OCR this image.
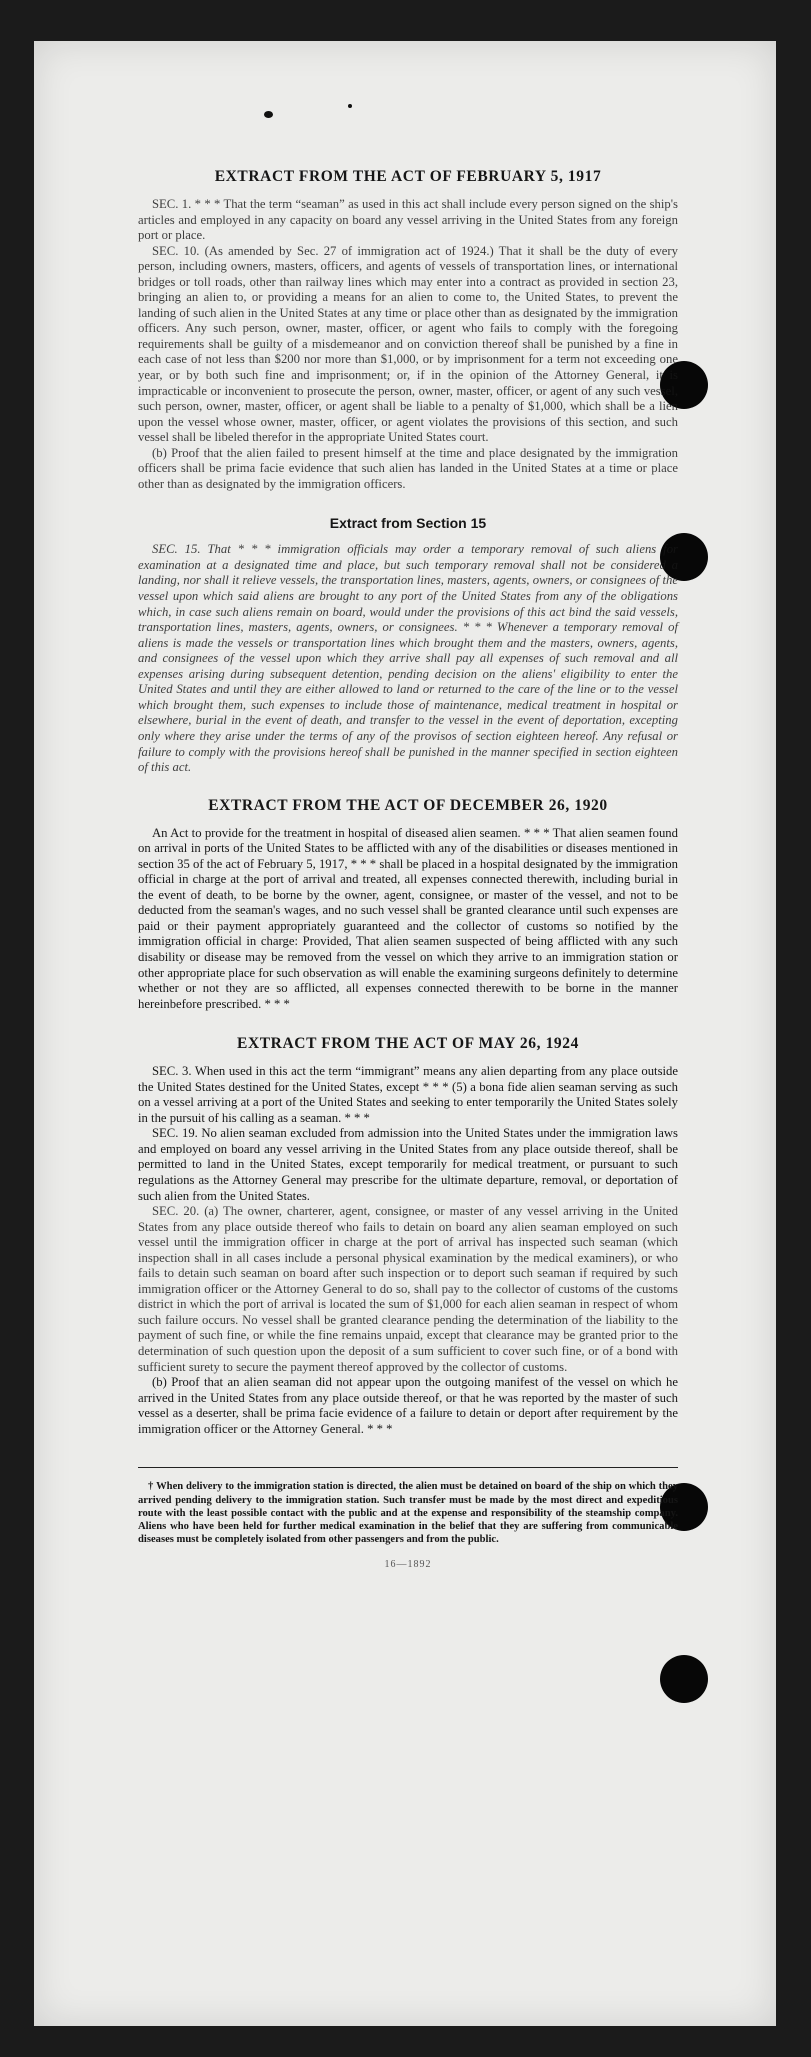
EXTRACT FROM THE ACT OF FEBRUARY 5, 1917

SEC. 1. * * * That the term “seaman” as used in this act shall include every person signed on the ship's articles and employed in any capacity on board any vessel arriving in the United States from any foreign port or place.

SEC. 10. (As amended by Sec. 27 of immigration act of 1924.) That it shall be the duty of every person, including owners, masters, officers, and agents of vessels of transportation lines, or international bridges or toll roads, other than railway lines which may enter into a contract as provided in section 23, bringing an alien to, or providing a means for an alien to come to, the United States, to prevent the landing of such alien in the United States at any time or place other than as designated by the immigration officers. Any such person, owner, master, officer, or agent who fails to comply with the foregoing requirements shall be guilty of a misdemeanor and on conviction thereof shall be punished by a fine in each case of not less than $200 nor more than $1,000, or by imprisonment for a term not exceeding one year, or by both such fine and imprisonment; or, if in the opinion of the Attorney General, it is impracticable or inconvenient to prosecute the person, owner, master, officer, or agent of any such vessel, such person, owner, master, officer, or agent shall be liable to a penalty of $1,000, which shall be a lien upon the vessel whose owner, master, officer, or agent violates the provisions of this section, and such vessel shall be libeled therefor in the appropriate United States court.

(b) Proof that the alien failed to present himself at the time and place designated by the immigration officers shall be prima facie evidence that such alien has landed in the United States at a time or place other than as designated by the immigration officers.

Extract from Section 15

SEC. 15. That * * * immigration officials may order a temporary removal of such aliens for examination at a designated time and place, but such temporary removal shall not be considered a landing, nor shall it relieve vessels, the transportation lines, masters, agents, owners, or consignees of the vessel upon which said aliens are brought to any port of the United States from any of the obligations which, in case such aliens remain on board, would under the provisions of this act bind the said vessels, transportation lines, masters, agents, owners, or consignees. * * * Whenever a temporary removal of aliens is made the vessels or transportation lines which brought them and the masters, owners, agents, and consignees of the vessel upon which they arrive shall pay all expenses of such removal and all expenses arising during subsequent detention, pending decision on the aliens' eligibility to enter the United States and until they are either allowed to land or returned to the care of the line or to the vessel which brought them, such expenses to include those of maintenance, medical treatment in hospital or elsewhere, burial in the event of death, and transfer to the vessel in the event of deportation, excepting only where they arise under the terms of any of the provisos of section eighteen hereof. Any refusal or failure to comply with the provisions hereof shall be punished in the manner specified in section eighteen of this act.

EXTRACT FROM THE ACT OF DECEMBER 26, 1920

An Act to provide for the treatment in hospital of diseased alien seamen. * * * That alien seamen found on arrival in ports of the United States to be afflicted with any of the disabilities or diseases mentioned in section 35 of the act of February 5, 1917, * * * shall be placed in a hospital designated by the immigration official in charge at the port of arrival and treated, all expenses connected therewith, including burial in the event of death, to be borne by the owner, agent, consignee, or master of the vessel, and not to be deducted from the seaman's wages, and no such vessel shall be granted clearance until such expenses are paid or their payment appropriately guaranteed and the collector of customs so notified by the immigration official in charge: Provided, That alien seamen suspected of being afflicted with any such disability or disease may be removed from the vessel on which they arrive to an immigration station or other appropriate place for such observation as will enable the examining surgeons definitely to determine whether or not they are so afflicted, all expenses connected therewith to be borne in the manner hereinbefore prescribed. * * *

EXTRACT FROM THE ACT OF MAY 26, 1924

SEC. 3. When used in this act the term “immigrant” means any alien departing from any place outside the United States destined for the United States, except * * * (5) a bona fide alien seaman serving as such on a vessel arriving at a port of the United States and seeking to enter temporarily the United States solely in the pursuit of his calling as a seaman. * * *

SEC. 19. No alien seaman excluded from admission into the United States under the immigration laws and employed on board any vessel arriving in the United States from any place outside thereof, shall be permitted to land in the United States, except temporarily for medical treatment, or pursuant to such regulations as the Attorney General may prescribe for the ultimate departure, removal, or deportation of such alien from the United States.

SEC. 20. (a) The owner, charterer, agent, consignee, or master of any vessel arriving in the United States from any place outside thereof who fails to detain on board any alien seaman employed on such vessel until the immigration officer in charge at the port of arrival has inspected such seaman (which inspection shall in all cases include a personal physical examination by the medical examiners), or who fails to detain such seaman on board after such inspection or to deport such seaman if required by such immigration officer or the Attorney General to do so, shall pay to the collector of customs of the customs district in which the port of arrival is located the sum of $1,000 for each alien seaman in respect of whom such failure occurs. No vessel shall be granted clearance pending the determination of the liability to the payment of such fine, or while the fine remains unpaid, except that clearance may be granted prior to the determination of such question upon the deposit of a sum sufficient to cover such fine, or of a bond with sufficient surety to secure the payment thereof approved by the collector of customs.

(b) Proof that an alien seaman did not appear upon the outgoing manifest of the vessel on which he arrived in the United States from any place outside thereof, or that he was reported by the master of such vessel as a deserter, shall be prima facie evidence of a failure to detain or deport after requirement by the immigration officer or the Attorney General. * * *

† When delivery to the immigration station is directed, the alien must be detained on board of the ship on which they arrived pending delivery to the immigration station. Such transfer must be made by the most direct and expeditious route with the least possible contact with the public and at the expense and responsibility of the steamship company. Aliens who have been held for further medical examination in the belief that they are suffering from communicable diseases must be completely isolated from other passengers and from the public.

16—1892
